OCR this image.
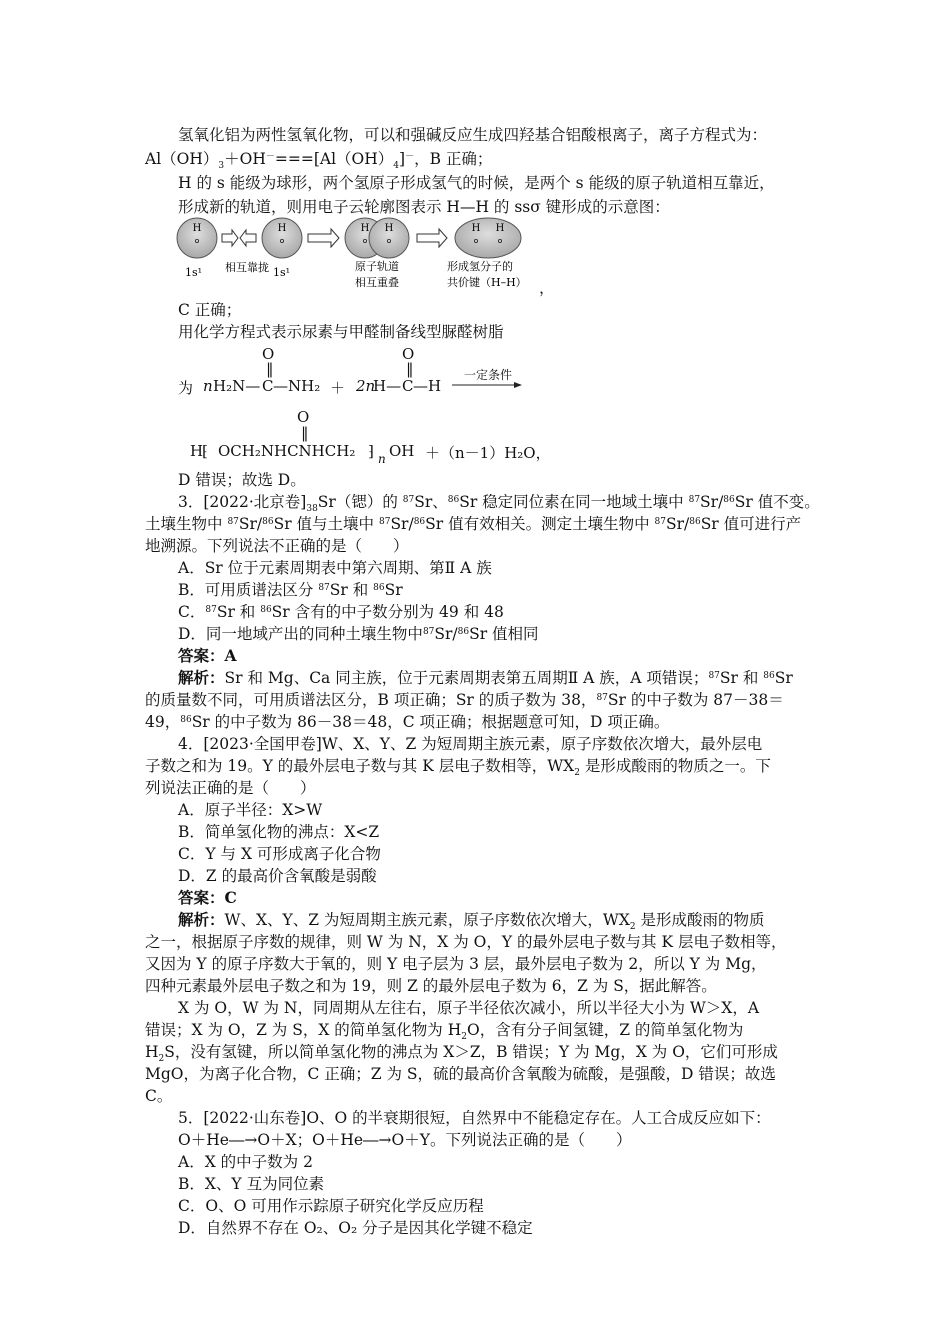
氢氧化铝为两性氢氧化物，可以和强碱反应生成四羟基合铝酸根离子，离子方程式为：
$Al(OH)_3+OH^-===[Al(OH)_4]^-$，B 正确；
H 的 s 能级为球形，两个氢原子形成氢气的时候，是两个 s 能级的原子轨道相互靠近，
形成新的轨道，则用电子云轮廓图表示 H—H 的 ssσ 键形成的示意图：
H	H	H H	H H
1s¹ 相互靠拢 1s¹	原子轨道
相互重叠
形成氢分子的
共价键（H–H） ，
C 正确；
用化学方程式表示尿素与甲醛制备线型脲醛树脂
为 n H₂N—
O
‖
C —NH₂ ＋ 2n
H—
O
‖
C —H
一定条件
O
‖
H
⁅ OCH₂NHCNHCH₂ ⁆ n OH ＋（n－1）H₂O，
D 错误；故选 D。
3．[2022·北京卷]$_{38}Sr$（锶）的 $^{87}$Sr、$^{86}$Sr 稳定同位素在同一地域土壤中 $^{87}$Sr/$^{86}$Sr 值不变。
土壤生物中 $^{87}$Sr/$^{86}$Sr 值与土壤中 $^{87}$Sr/$^{86}$Sr 值有效相关。测定土壤生物中 $^{87}$Sr/$^{86}$Sr 值可进行产
地溯源。下列说法不正确的是（　　）
A．Sr 位于元素周期表中第六周期、第Ⅱ A 族
B．可用质谱法区分 $^{87}$Sr 和 $^{86}$Sr
C．$^{87}$Sr 和 $^{86}$Sr 含有的中子数分别为 49 和 48
D．同一地域产出的同种土壤生物中$^{87}$Sr/$^{86}$Sr 值相同
答案：A
解析：Sr 和 Mg、Ca 同主族，位于元素周期表第五周期Ⅱ A 族，A 项错误；$^{87}$Sr 和 $^{86}$Sr
的质量数不同，可用质谱法区分，B 项正确；Sr 的质子数为 38，$^{87}$Sr 的中子数为 87－38＝
49，$^{86}$Sr 的中子数为 86－38＝48，C 项正确；根据题意可知，D 项正确。
4．[2023·全国甲卷]W、X、Y、Z 为短周期主族元素，原子序数依次增大，最外层电
子数之和为 19。Y 的最外层电子数与其 K 层电子数相等，$WX_2$ 是形成酸雨的物质之一。下
列说法正确的是（　　）
A．原子半径：X>W
B．简单氢化物的沸点：X<Z
C．Y 与 X 可形成离子化合物
D．Z 的最高价含氧酸是弱酸
答案：C
解析：W、X、Y、Z 为短周期主族元素，原子序数依次增大，$WX_2$ 是形成酸雨的物质
之一，根据原子序数的规律，则 W 为 N，X 为 O，Y 的最外层电子数与其 K 层电子数相等，
又因为 Y 的原子序数大于氧的，则 Y 电子层为 3 层，最外层电子数为 2，所以 Y 为 Mg，
四种元素最外层电子数之和为 19，则 Z 的最外层电子数为 6，Z 为 S，据此解答。
X 为 O，W 为 N，同周期从左往右，原子半径依次减小，所以半径大小为 W＞X，A
错误；X 为 O，Z 为 S，X 的简单氢化物为 $H_2O$，含有分子间氢键，Z 的简单氢化物为
$H_2S$，没有氢键，所以简单氢化物的沸点为 X＞Z，B 错误；Y 为 Mg，X 为 O，它们可形成
MgO，为离子化合物，C 正确；Z 为 S，硫的最高价含氧酸为硫酸，是强酸，D 错误；故选
C。
5．[2022·山东卷]O、O 的半衰期很短，自然界中不能稳定存在。人工合成反应如下：
O＋He―→O＋X；O＋He―→O＋Y。下列说法正确的是（　　）
A．X 的中子数为 2
B．X、Y 互为同位素
C．O、O 可用作示踪原子研究化学反应历程
D．自然界不存在 O₂、O₂ 分子是因其化学键不稳定
